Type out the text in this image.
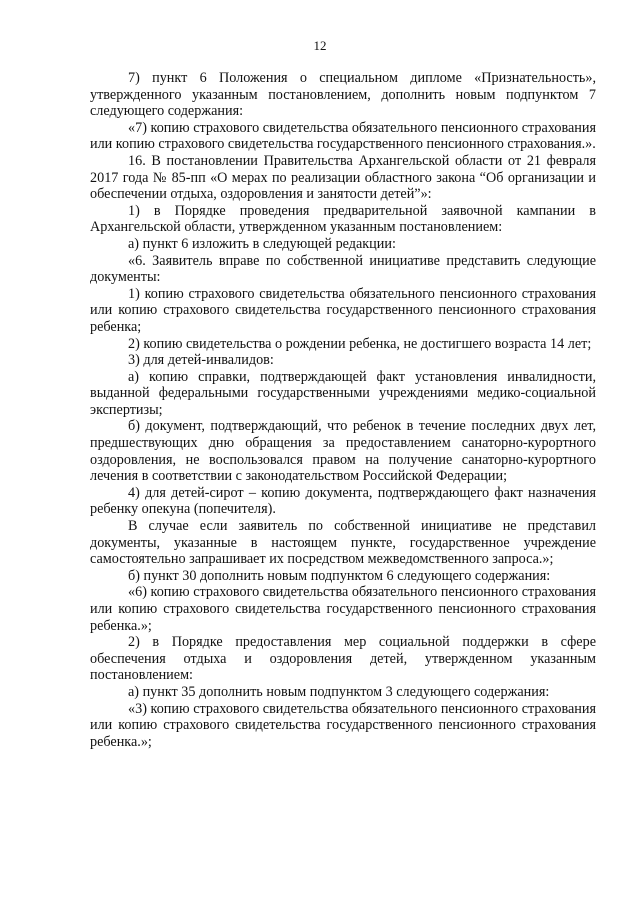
12

7) пункт 6 Положения о специальном дипломе «Признательность», утвержденного указанным постановлением, дополнить новым подпунктом 7 следующего содержания:

«7) копию страхового свидетельства обязательного пенсионного страхования или копию страхового свидетельства государственного пенсионного страхования.».

16. В постановлении Правительства Архангельской области от 21 февраля 2017 года № 85-пп «О мерах по реализации областного закона “Об организации и обеспечении отдыха, оздоровления и занятости детей”»:

1) в Порядке проведения предварительной заявочной кампании в Архангельской области, утвержденном указанным постановлением:

а) пункт 6 изложить в следующей редакции:

«6. Заявитель вправе по собственной инициативе представить следующие документы:

1) копию страхового свидетельства обязательного пенсионного страхования или копию страхового свидетельства государственного пенсионного страхования ребенка;

2) копию свидетельства о рождении ребенка, не достигшего возраста 14 лет;

3) для детей-инвалидов:

а) копию справки, подтверждающей факт установления инвалидности, выданной федеральными государственными учреждениями медико-социальной экспертизы;

б) документ, подтверждающий, что ребенок в течение последних двух лет, предшествующих дню обращения за предоставлением санаторно-курортного оздоровления, не воспользовался правом на получение санаторно-курортного лечения в соответствии с законодательством Российской Федерации;

4) для детей-сирот – копию документа, подтверждающего факт назначения ребенку опекуна (попечителя).

В случае если заявитель по собственной инициативе не представил документы, указанные в настоящем пункте, государственное учреждение самостоятельно запрашивает их посредством межведомственного запроса.»;

б) пункт 30 дополнить новым подпунктом 6 следующего содержания:

«6) копию страхового свидетельства обязательного пенсионного страхования или копию страхового свидетельства государственного пенсионного страхования ребенка.»;

2) в Порядке предоставления мер социальной поддержки в сфере обеспечения отдыха и оздоровления детей, утвержденном указанным постановлением:

а) пункт 35 дополнить новым подпунктом 3 следующего содержания:

«3) копию страхового свидетельства обязательного пенсионного страхования или копию страхового свидетельства государственного пенсионного страхования ребенка.»;
